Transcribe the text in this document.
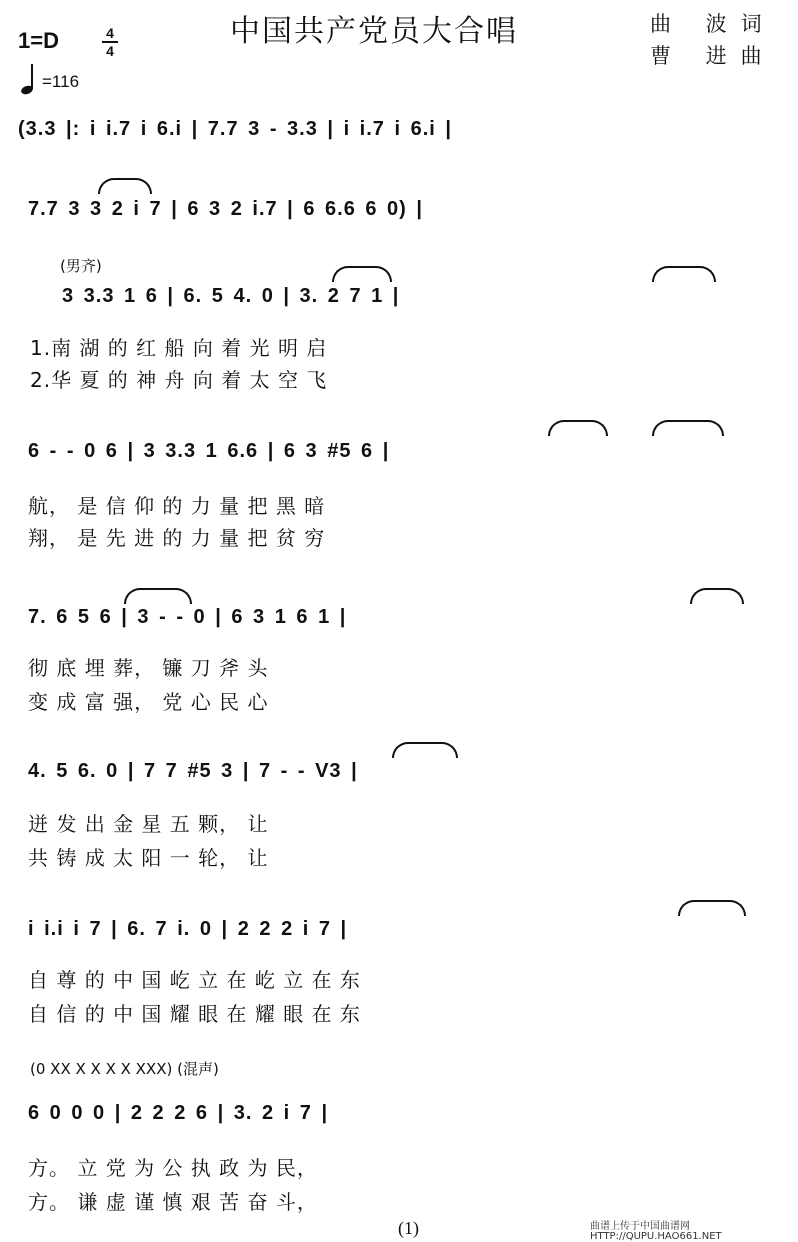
中国共产党员大合唱	曲 波词
曹 进曲
1=D	4
4
=116
(3.3 |: i i.7 i 6.i | 7.7 3 - 3.3 | i i.7 i 6.i |
7.7 3 3 2 i 7 | 6 3 2 i.7 | 6 6.6 6 0) |
(男齐)
3 3.3 1 6 | 6. 5 4. 0 | 3. 2 7 1 |
1.南 湖 的 红 船 向 着 光 明 启
2.华 夏 的 神 舟 向 着 太 空 飞
6 - - 0 6 | 3 3.3 1 6.6 | 6 3 #5 6 |
航， 是 信 仰 的 力 量 把 黑 暗
翔， 是 先 进 的 力 量 把 贫 穷
7. 6 5 6 | 3 - - 0 | 6 3 1 6 1 |
彻 底 埋 葬， 镰 刀 斧 头
变 成 富 强， 党 心 民 心
4. 5 6. 0 | 7 7 #5 3 | 7 - - V3 |
迸 发 出 金 星 五 颗， 让
共 铸 成 太 阳 一 轮， 让
i i.i i 7 | 6. 7 i. 0 | 2 2 2 i 7 |
自 尊 的 中 国 屹 立 在 屹 立 在 东
自 信 的 中 国 耀 眼 在 耀 眼 在 东
(0 XX X X X X XXX) (混声)
6 0 0 0 | 2 2 2 6 | 3. 2 i 7 |
方。 立 党 为 公 执 政 为 民，
方。 谦 虚 谨 慎 艰 苦 奋 斗，
(1)	曲谱上传于中国曲谱网 HTTP://QUPU.HAO661.NET
